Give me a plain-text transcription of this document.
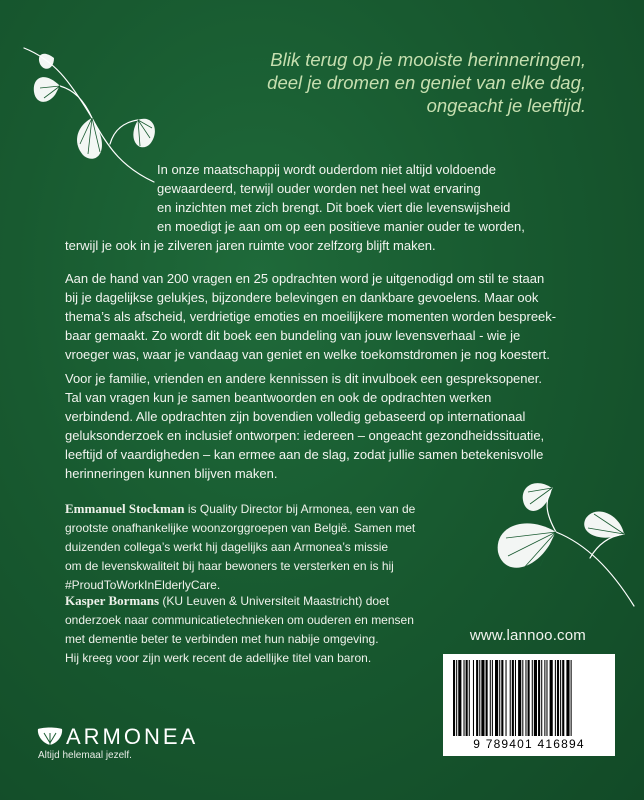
Blik terug op je mooiste herinneringen,
deel je dromen en geniet van elke dag,
ongeacht je leeftijd.
In onze maatschappij wordt ouderdom niet altijd voldoende
gewaardeerd, terwijl ouder worden net heel wat ervaring
en inzichten met zich brengt. Dit boek viert die levenswijsheid
en moedigt je aan om op een positieve manier ouder te worden,
terwijl je ook in je zilveren jaren ruimte voor zelfzorg blijft maken.
Aan de hand van 200 vragen en 25 opdrachten word je uitgenodigd om stil te staan
bij je dagelijkse gelukjes, bijzondere belevingen en dankbare gevoelens. Maar ook
thema’s als afscheid, verdrietige emoties en moeilijkere momenten worden bespreek-
baar gemaakt. Zo wordt dit boek een bundeling van jouw levensverhaal - wie je
vroeger was, waar je vandaag van geniet en welke toekomstdromen je nog koestert.
Voor je familie, vrienden en andere kennissen is dit invulboek een gespreksopener.
Tal van vragen kun je samen beantwoorden en ook de opdrachten werken
verbindend. Alle opdrachten zijn bovendien volledig gebaseerd op internationaal
geluksonderzoek en inclusief ontworpen: iedereen – ongeacht gezondheidssituatie,
leeftijd of vaardigheden – kan ermee aan de slag, zodat jullie samen betekenisvolle
herinneringen kunnen blijven maken.
Emmanuel Stockman is Quality Director bij Armonea, een van de
grootste onafhankelijke woonzorggroepen van België. Samen met
duizenden collega’s werkt hij dagelijks aan Armonea’s missie
om de levenskwaliteit bij haar bewoners te versterken en is hij
#ProudToWorkInElderlyCare.
Kasper Bormans (KU Leuven & Universiteit Maastricht) doet
onderzoek naar communicatietechnieken om ouderen en mensen
met dementie beter te verbinden met hun nabije omgeving.
Hij kreeg voor zijn werk recent de adellijke titel van baron.
www.lannoo.com
9 789401 416894
ARMONEA
Altijd helemaal jezelf.
